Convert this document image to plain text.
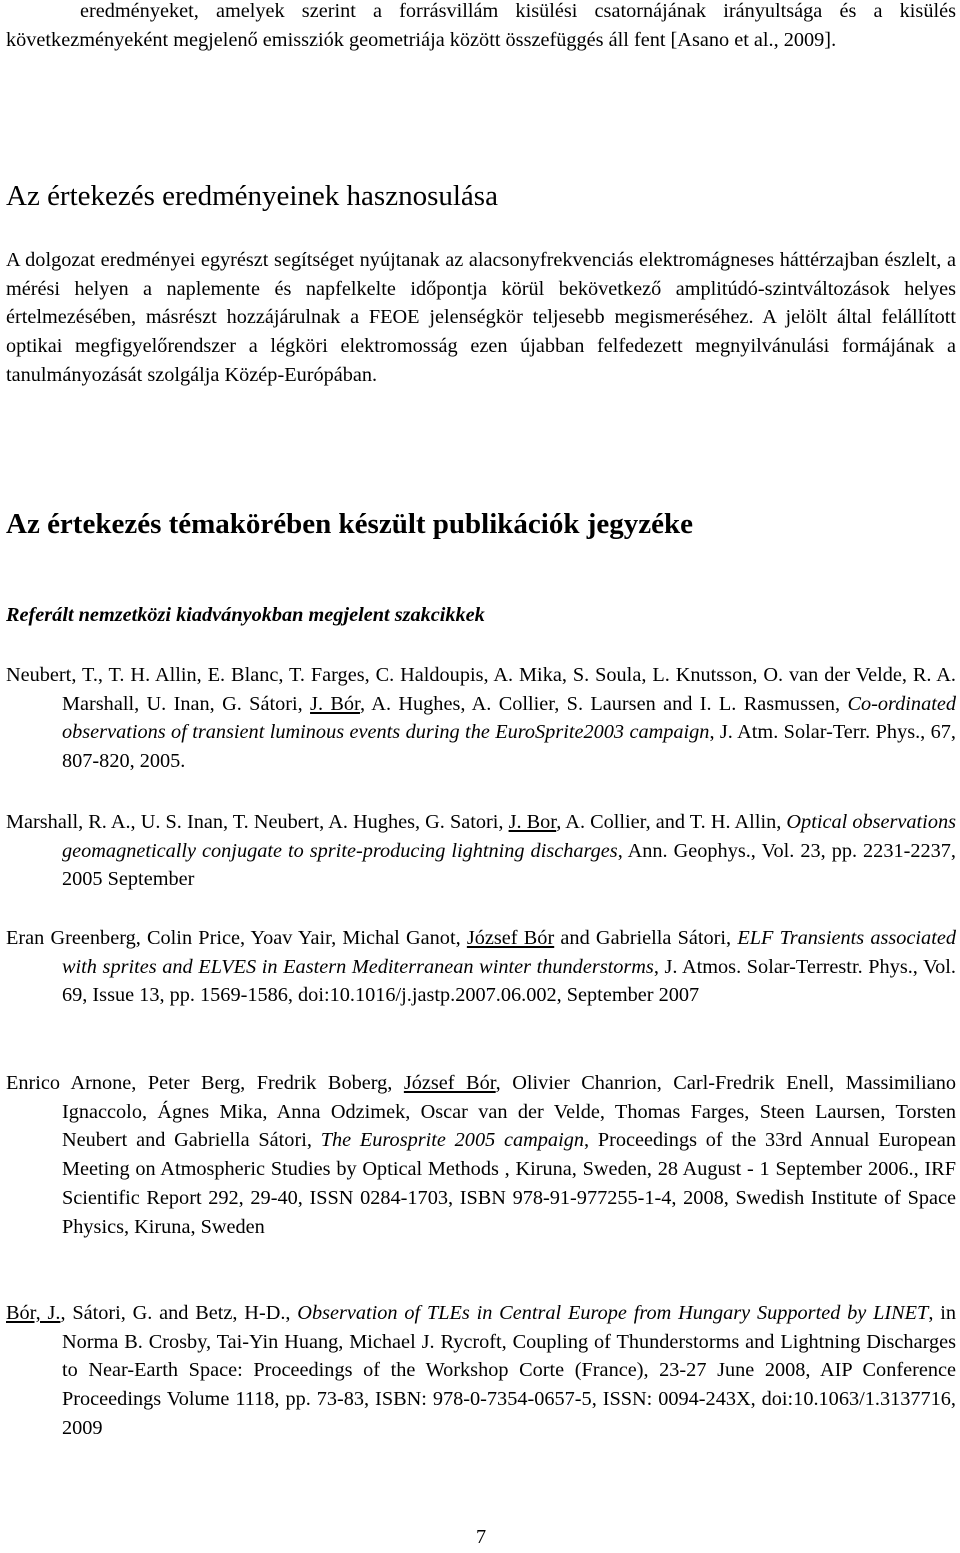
eredményeket, amelyek szerint a forrásvillám kisülési csatornájának irányultsága és a kisülés következményeként megjelenő emissziók geometriája között összefüggés áll fent [Asano et al., 2009].

Az értekezés eredményeinek hasznosulása

A dolgozat eredményei egyrészt segítséget nyújtanak az alacsonyfrekvenciás elektromágneses háttérzajban észlelt, a mérési helyen a naplemente és napfelkelte időpontja körül bekövetkező amplitúdó-szintváltozások helyes értelmezésében, másrészt hozzájárulnak a FEOE jelenségkör teljesebb megismeréséhez. A jelölt által felállított optikai megfigyelőrendszer a légköri elektromosság ezen újabban felfedezett megnyilvánulási formájának a tanulmányozását szolgálja Közép-Európában.

Az értekezés témakörében készült publikációk jegyzéke

Referált nemzetközi kiadványokban megjelent szakcikkek

Neubert, T., T. H. Allin, E. Blanc, T. Farges, C. Haldoupis, A. Mika, S. Soula, L. Knutsson, O. van der Velde, R. A. Marshall, U. Inan, G. Sátori, J. Bór, A. Hughes, A. Collier, S. Laursen and I. L. Rasmussen, Co-ordinated observations of transient luminous events during the EuroSprite2003 campaign, J. Atm. Solar-Terr. Phys., 67, 807-820, 2005.

Marshall, R. A., U. S. Inan, T. Neubert, A. Hughes, G. Satori, J. Bor, A. Collier, and T. H. Allin, Optical observations geomagnetically conjugate to sprite-producing lightning discharges, Ann. Geophys., Vol. 23, pp. 2231-2237, 2005 September

Eran Greenberg, Colin Price, Yoav Yair, Michal Ganot, József Bór and Gabriella Sátori, ELF Transients associated with sprites and ELVES in Eastern Mediterranean winter thunderstorms, J. Atmos. Solar-Terrestr. Phys., Vol. 69, Issue 13, pp. 1569-1586, doi:10.1016/j.jastp.2007.06.002, September 2007

Enrico Arnone, Peter Berg, Fredrik Boberg, József Bór, Olivier Chanrion, Carl-Fredrik Enell, Massimiliano Ignaccolo, Ágnes Mika, Anna Odzimek, Oscar van der Velde, Thomas Farges, Steen Laursen, Torsten Neubert and Gabriella Sátori, The Eurosprite 2005 campaign, Proceedings of the 33rd Annual European Meeting on Atmospheric Studies by Optical Methods , Kiruna, Sweden, 28 August - 1 September 2006., IRF Scientific Report 292, 29-40, ISSN 0284-1703, ISBN 978-91-977255-1-4, 2008, Swedish Institute of Space Physics, Kiruna, Sweden

Bór, J., Sátori, G. and Betz, H-D., Observation of TLEs in Central Europe from Hungary Supported by LINET, in Norma B. Crosby, Tai-Yin Huang, Michael J. Rycroft, Coupling of Thunderstorms and Lightning Discharges to Near-Earth Space: Proceedings of the Workshop Corte (France), 23-27 June 2008, AIP Conference Proceedings Volume 1118, pp. 73-83, ISBN: 978-0-7354-0657-5, ISSN: 0094-243X, doi:10.1063/1.3137716, 2009

7
